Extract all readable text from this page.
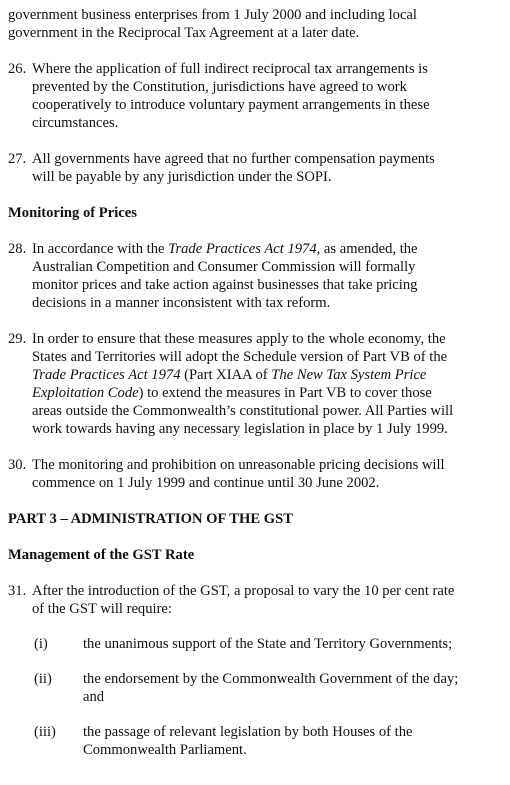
government business enterprises from 1 July 2000 and including local
government in the Reciprocal Tax Agreement at a later date.

26. Where the application of full indirect reciprocal tax arrangements is
prevented by the Constitution, jurisdictions have agreed to work
cooperatively to introduce voluntary payment arrangements in these
circumstances.
27. All governments have agreed that no further compensation payments
will be payable by any jurisdiction under the SOPI.

Monitoring of Prices

28. In accordance with the Trade Practices Act 1974, as amended, the
Australian Competition and Consumer Commission will formally
monitor prices and take action against businesses that take pricing
decisions in a manner inconsistent with tax reform.
29. In order to ensure that these measures apply to the whole economy, the
States and Territories will adopt the Schedule version of Part VB of the
Trade Practices Act 1974 (Part XIAA of The New Tax System Price
Exploitation Code) to extend the measures in Part VB to cover those
areas outside the Commonwealth’s constitutional power. All Parties will
work towards having any necessary legislation in place by 1 July 1999.
30. The monitoring and prohibition on unreasonable pricing decisions will
commence on 1 July 1999 and continue until 30 June 2002.

PART 3 – ADMINISTRATION OF THE GST

Management of the GST Rate

31. After the introduction of the GST, a proposal to vary the 10 per cent rate
of the GST will require:
(i) the unanimous support of the State and Territory Governments;
(ii) the endorsement by the Commonwealth Government of the day;
and
(iii) the passage of relevant legislation by both Houses of the
Commonwealth Parliament.
